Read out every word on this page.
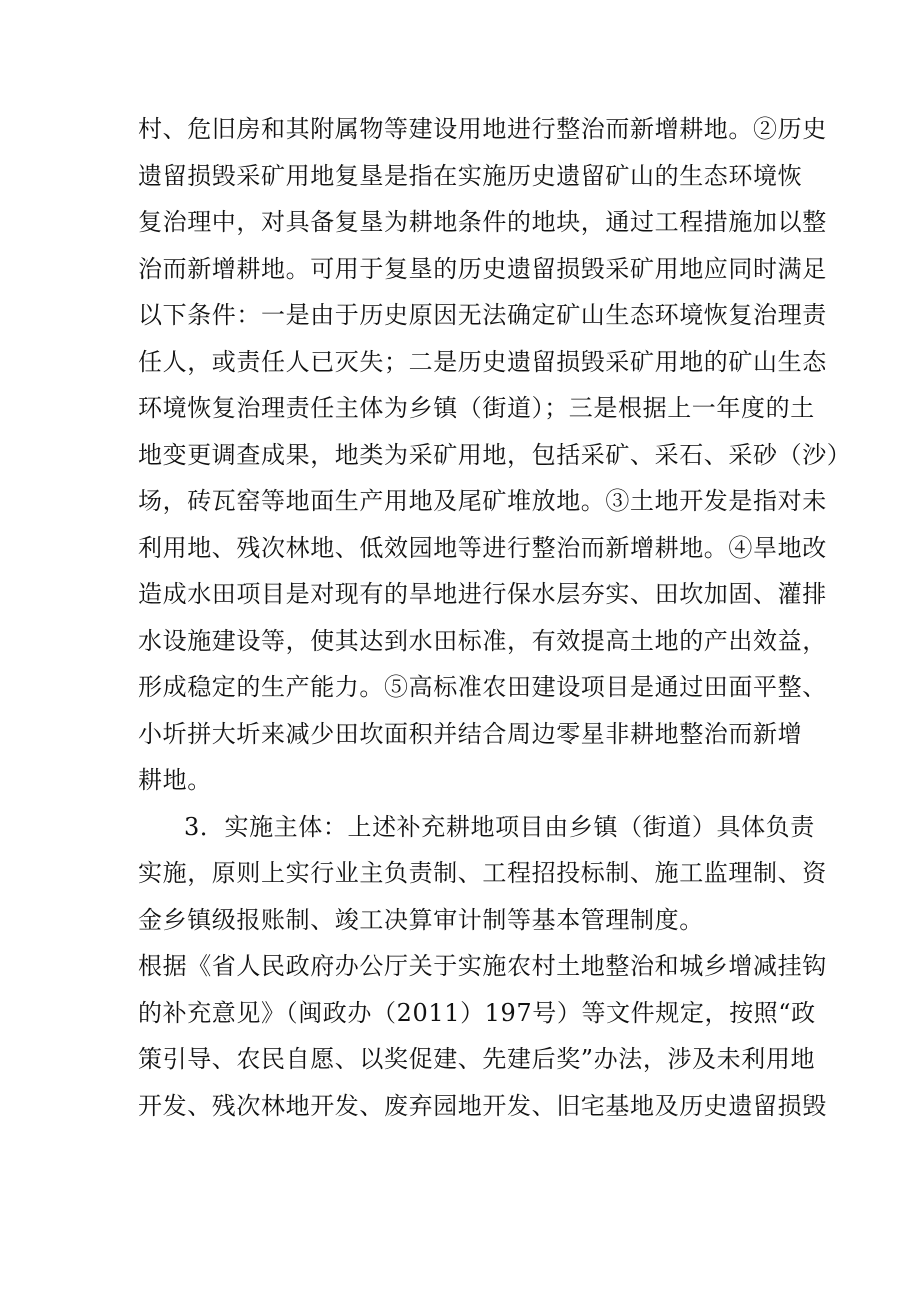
村、危旧房和其附属物等建设用地进行整治而新增耕地。②历史
遗留损毁采矿用地复垦是指在实施历史遗留矿山的生态环境恢
复治理中，对具备复垦为耕地条件的地块，通过工程措施加以整
治而新增耕地。可用于复垦的历史遗留损毁采矿用地应同时满足
以下条件：一是由于历史原因无法确定矿山生态环境恢复治理责
任人，或责任人已灭失；二是历史遗留损毁采矿用地的矿山生态
环境恢复治理责任主体为乡镇（街道）；三是根据上一年度的土
地变更调查成果，地类为采矿用地，包括采矿、采石、采砂（沙）
场，砖瓦窑等地面生产用地及尾矿堆放地。③土地开发是指对未
利用地、残次林地、低效园地等进行整治而新增耕地。④旱地改
造成水田项目是对现有的旱地进行保水层夯实、田坎加固、灌排
水设施建设等，使其达到水田标准，有效提高土地的产出效益，
形成稳定的生产能力。⑤高标准农田建设项目是通过田面平整、
小圻拼大圻来减少田坎面积并结合周边零星非耕地整治而新增
耕地。
3．实施主体：上述补充耕地项目由乡镇（街道）具体负责
实施，原则上实行业主负责制、工程招投标制、施工监理制、资
金乡镇级报账制、竣工决算审计制等基本管理制度。
根据《省人民政府办公厅关于实施农村土地整治和城乡增减挂钩
的补充意见》（闽政办（2011）197号）等文件规定，按照“政
策引导、农民自愿、以奖促建、先建后奖”办法，涉及未利用地
开发、残次林地开发、废弃园地开发、旧宅基地及历史遗留损毁
